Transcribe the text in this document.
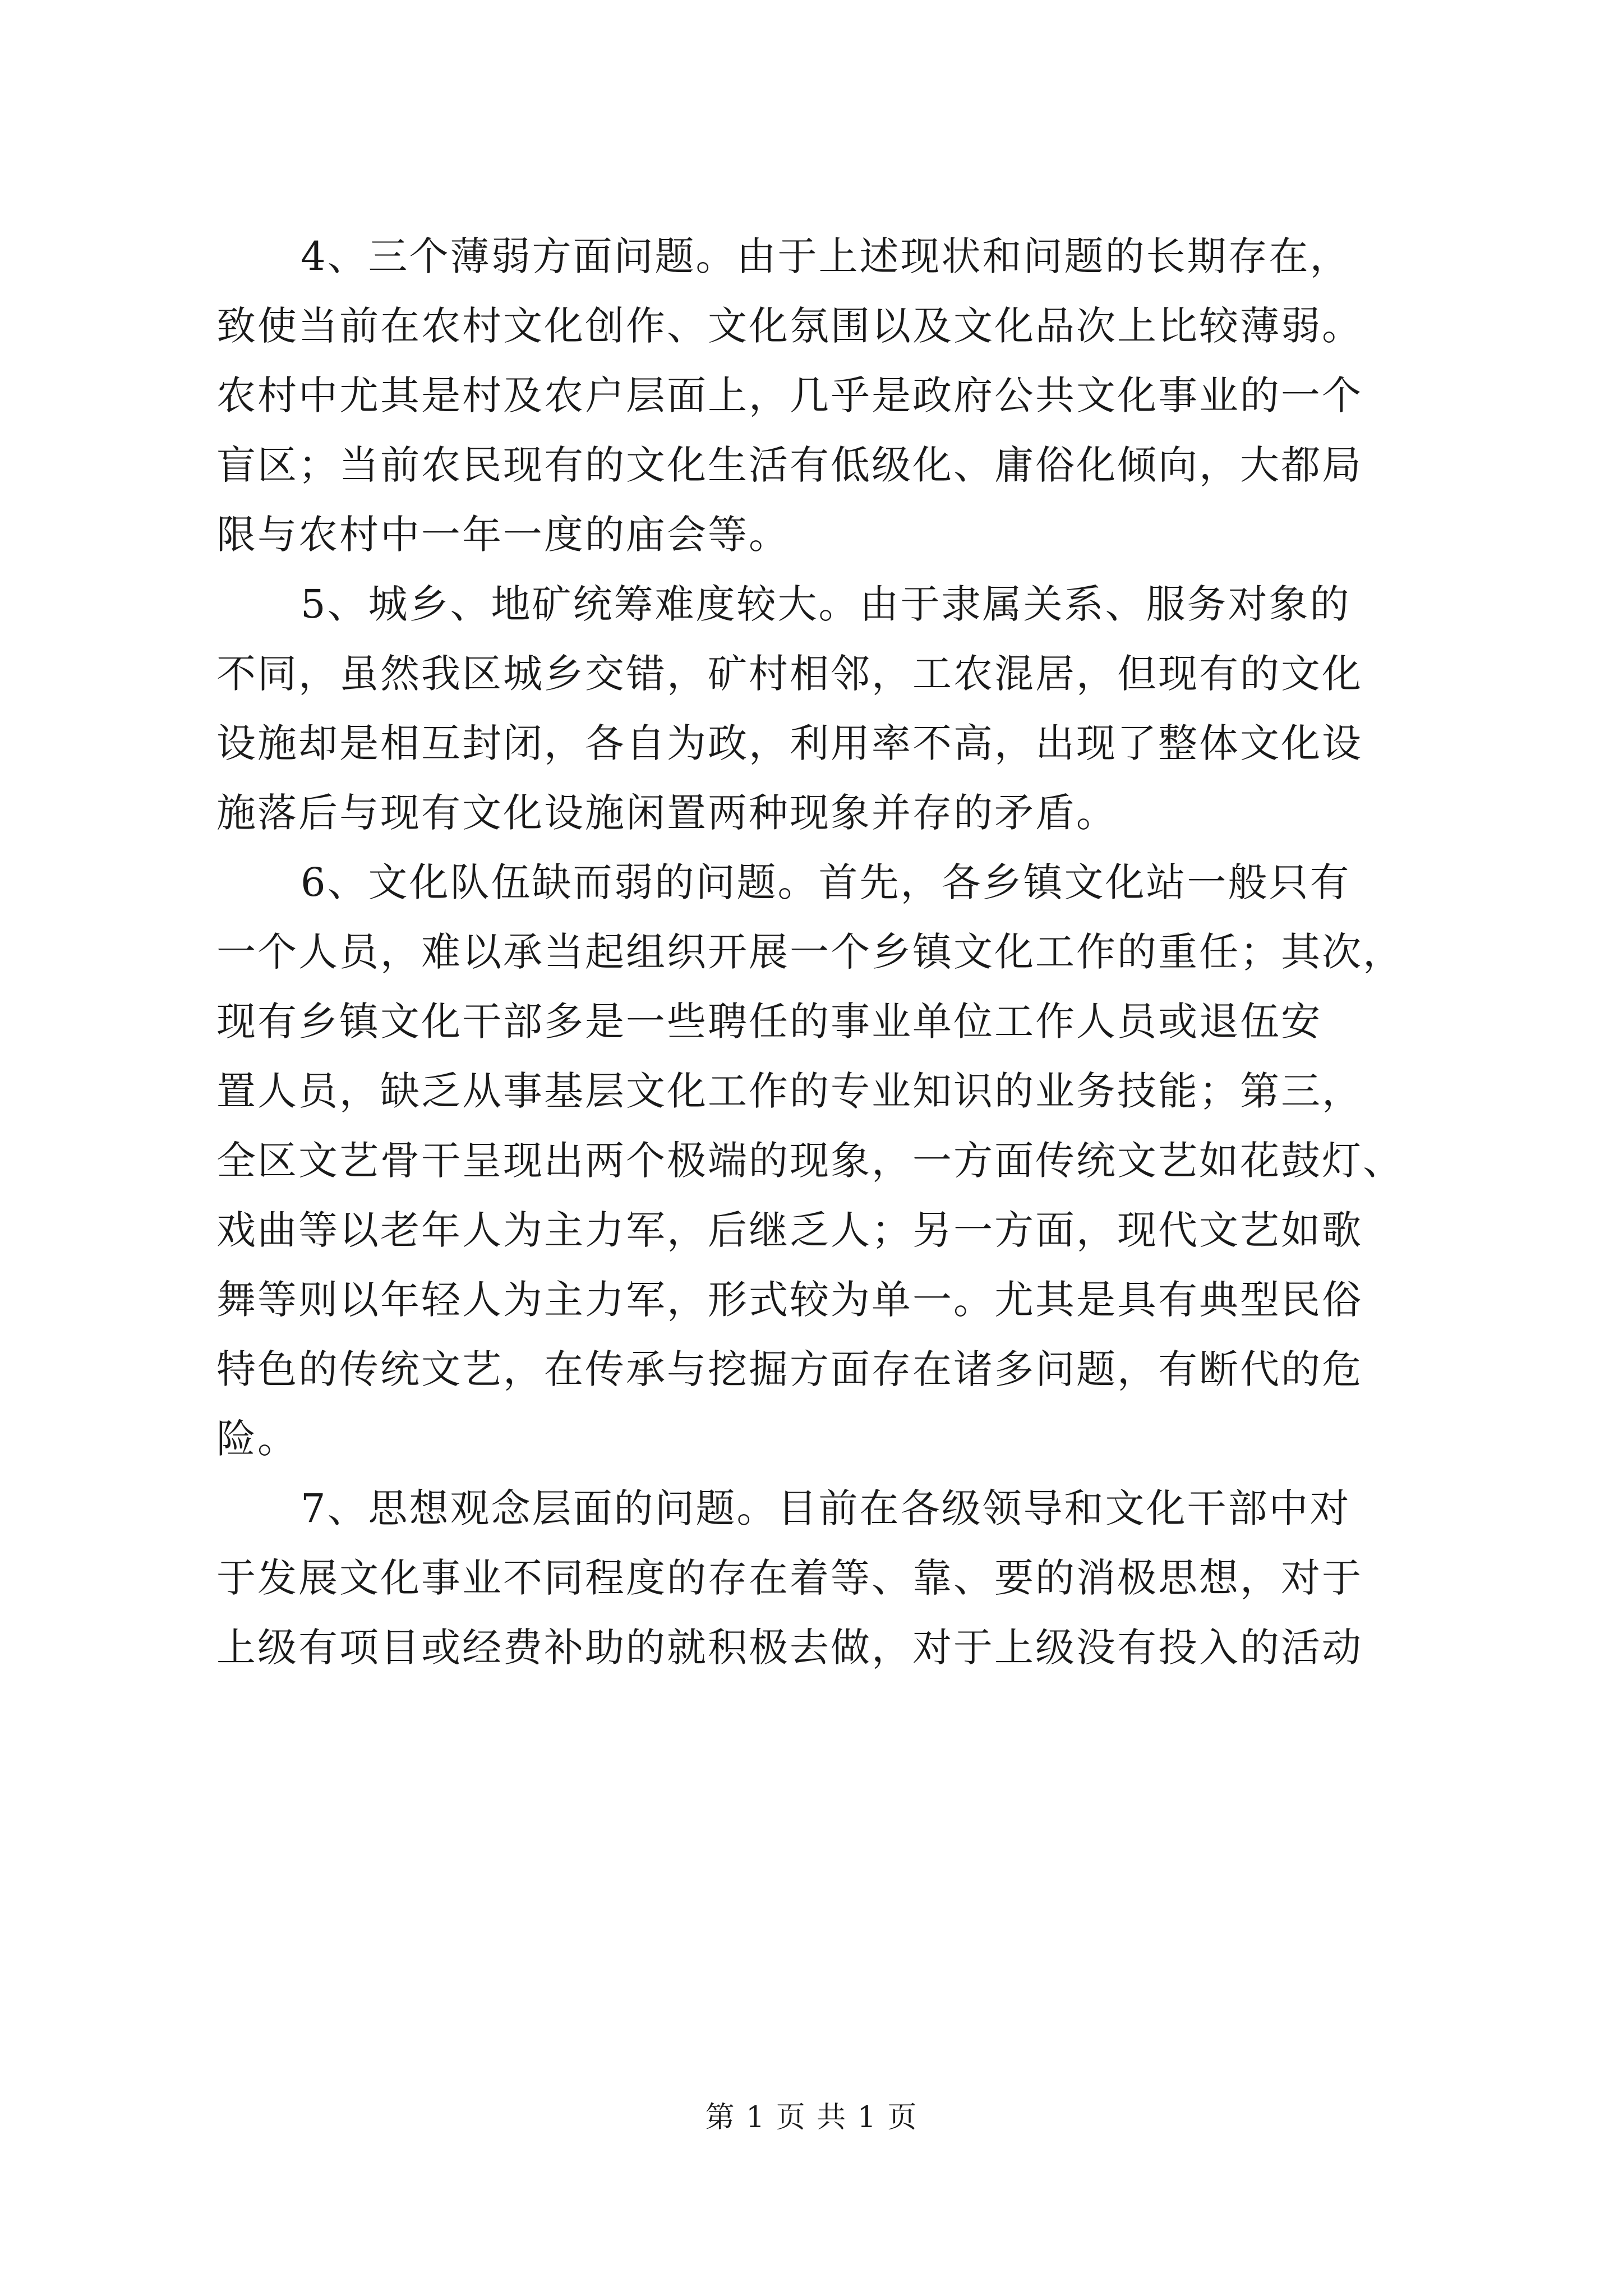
4、三个薄弱方面问题。由于上述现状和问题的长期存在，
致使当前在农村文化创作、文化氛围以及文化品次上比较薄弱。
农村中尤其是村及农户层面上，几乎是政府公共文化事业的一个
盲区；当前农民现有的文化生活有低级化、庸俗化倾向，大都局
限与农村中一年一度的庙会等。
5、城乡、地矿统筹难度较大。由于隶属关系、服务对象的
不同，虽然我区城乡交错，矿村相邻，工农混居，但现有的文化
设施却是相互封闭，各自为政，利用率不高，出现了整体文化设
施落后与现有文化设施闲置两种现象并存的矛盾。
6、文化队伍缺而弱的问题。首先，各乡镇文化站一般只有
一个人员，难以承当起组织开展一个乡镇文化工作的重任；其次，
现有乡镇文化干部多是一些聘任的事业单位工作人员或退伍安
置人员，缺乏从事基层文化工作的专业知识的业务技能；第三，
全区文艺骨干呈现出两个极端的现象，一方面传统文艺如花鼓灯、
戏曲等以老年人为主力军，后继乏人；另一方面，现代文艺如歌
舞等则以年轻人为主力军，形式较为单一。尤其是具有典型民俗
特色的传统文艺，在传承与挖掘方面存在诸多问题，有断代的危
险。
7、思想观念层面的问题。目前在各级领导和文化干部中对
于发展文化事业不同程度的存在着等、靠、要的消极思想，对于
上级有项目或经费补助的就积极去做，对于上级没有投入的活动
第 1 页 共 1 页
